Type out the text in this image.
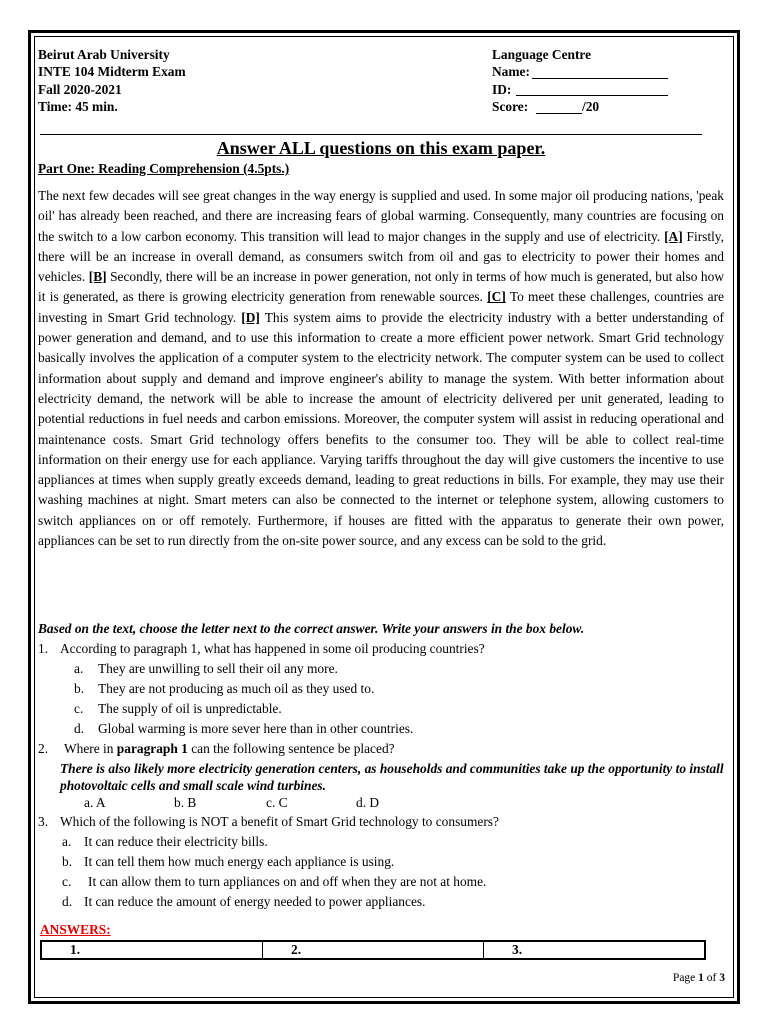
Beirut Arab University
INTE 104 Midterm Exam
Fall 2020-2021
Time: 45 min.
Language Centre
Name:
ID:
Score:	/20
Answer ALL questions on this exam paper.
Part One: Reading Comprehension (4.5pts.)
The next few decades will see great changes in the way energy is supplied and used. In some major oil producing nations, 'peak oil' has already been reached, and there are increasing fears of global warming. Consequently, many countries are focusing on the switch to a low carbon economy. This transition will lead to major changes in the supply and use of electricity. [A] Firstly, there will be an increase in overall demand, as consumers switch from oil and gas to electricity to power their homes and vehicles. [B] Secondly, there will be an increase in power generation, not only in terms of how much is generated, but also how it is generated, as there is growing electricity generation from renewable sources. [C] To meet these challenges, countries are investing in Smart Grid technology. [D] This system aims to provide the electricity industry with a better understanding of power generation and demand, and to use this information to create a more efficient power network. Smart Grid technology basically involves the application of a computer system to the electricity network. The computer system can be used to collect information about supply and demand and improve engineer's ability to manage the system. With better information about electricity demand, the network will be able to increase the amount of electricity delivered per unit generated, leading to potential reductions in fuel needs and carbon emissions. Moreover, the computer system will assist in reducing operational and maintenance costs. Smart Grid technology offers benefits to the consumer too. They will be able to collect real-time information on their energy use for each appliance. Varying tariffs throughout the day will give customers the incentive to use appliances at times when supply greatly exceeds demand, leading to great reductions in bills. For example, they may use their washing machines at night. Smart meters can also be connected to the internet or telephone system, allowing customers to switch appliances on or off remotely. Furthermore, if houses are fitted with the apparatus to generate their own power, appliances can be set to run directly from the on-site power source, and any excess can be sold to the grid.
Based on the text, choose the letter next to the correct answer. Write your answers in the box below.
1. According to paragraph 1, what has happened in some oil producing countries?
a. They are unwilling to sell their oil any more.
b. They are not producing as much oil as they used to.
c. The supply of oil is unpredictable.
d. Global warming is more sever here than in other countries.
2. Where in paragraph 1 can the following sentence be placed?
There is also likely more electricity generation centers, as households and communities take up the opportunity to install photovoltaic cells and small scale wind turbines.
a. A	b. B	c. C	d. D
3. Which of the following is NOT a benefit of Smart Grid technology to consumers?
a. It can reduce their electricity bills.
b. It can tell them how much energy each appliance is using.
c. It can allow them to turn appliances on and off when they are not at home.
d. It can reduce the amount of energy needed to power appliances.
ANSWERS:
1.	2.	3.
Page 1 of 3
